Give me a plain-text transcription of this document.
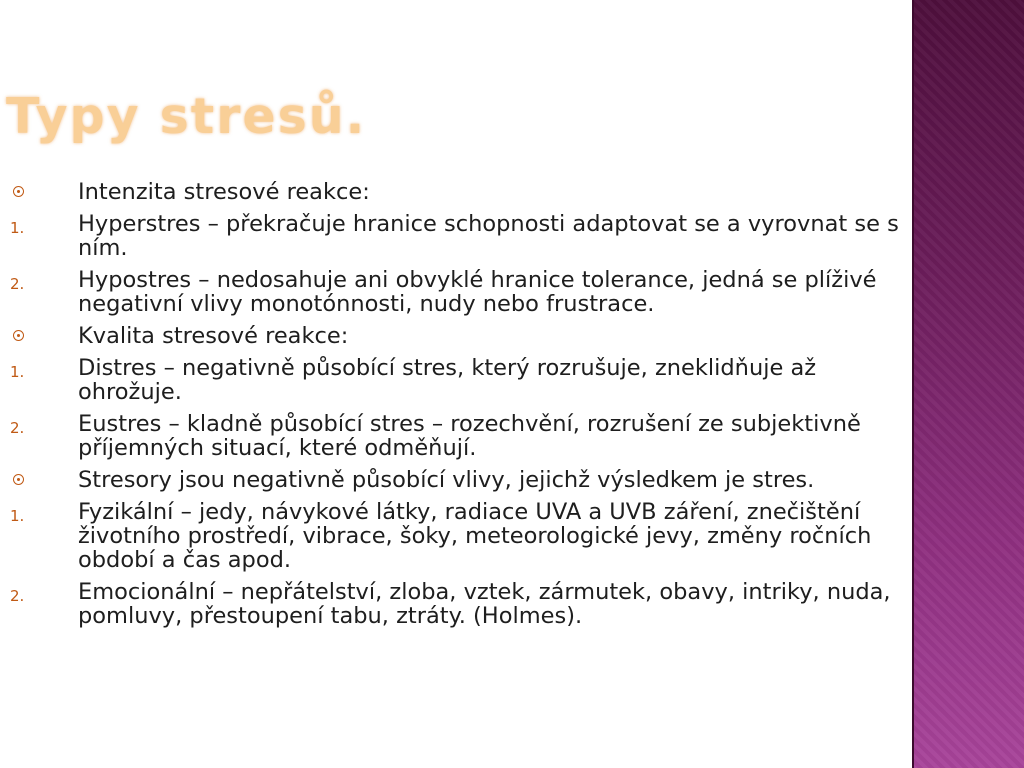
Typy stresů.
Intenzita stresové reakce:
1.	Hyperstres – překračuje hranice schopnosti adaptovat se a vyrovnat se s ním.
2.	Hypostres – nedosahuje ani obvyklé hranice tolerance, jedná se plíživé negativní vlivy monotónnosti, nudy nebo frustrace.
Kvalita stresové reakce:
1.	Distres – negativně působící stres, který rozrušuje, zneklidňuje až ohrožuje.
2.	Eustres – kladně působící stres – rozechvění, rozrušení ze subjektivně příjemných situací, které odměňují.
Stresory jsou negativně působící vlivy, jejichž výsledkem je stres.
1.	Fyzikální – jedy, návykové látky, radiace UVA a UVB záření, znečištění životního prostředí, vibrace, šoky, meteorologické jevy, změny ročních období a čas apod.
2.	Emocionální – nepřátelství, zloba, vztek, zármutek, obavy, intriky, nuda, pomluvy, přestoupení tabu, ztráty. (Holmes).
